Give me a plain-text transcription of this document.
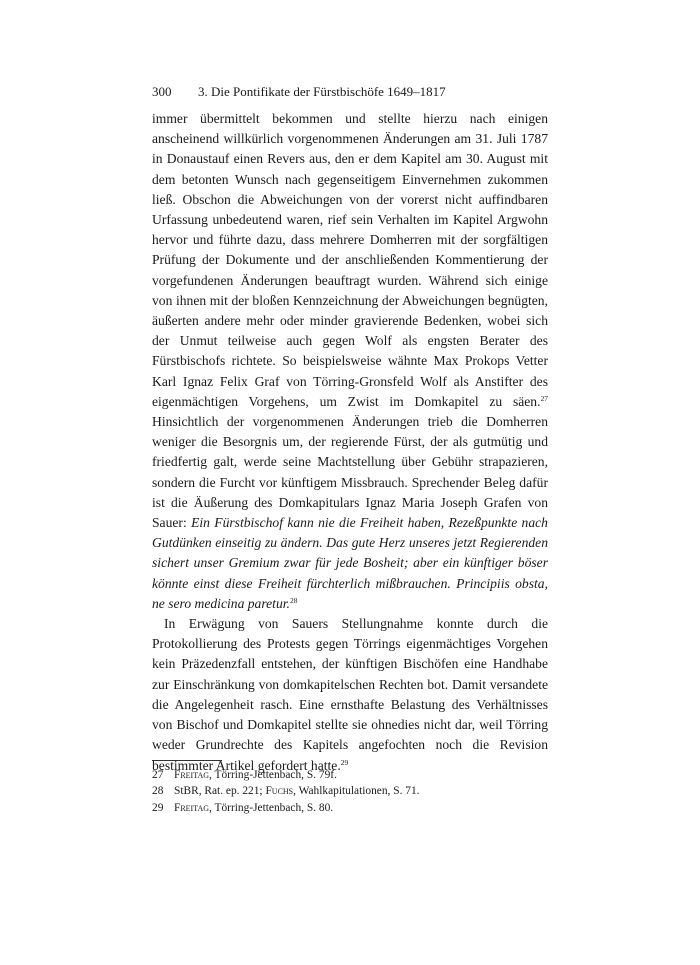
300 3. Die Pontifikate der Fürstbischöfe 1649–1817

immer übermittelt bekommen und stellte hierzu nach einigen anscheinend willkürlich vorgenommenen Änderungen am 31. Juli 1787 in Donaustauf einen Revers aus, den er dem Kapitel am 30. August mit dem betonten Wunsch nach gegenseitigem Einvernehmen zukommen ließ. Obschon die Abweichungen von der vorerst nicht auffindbaren Urfassung unbedeutend waren, rief sein Verhalten im Kapitel Argwohn hervor und führte dazu, dass mehrere Domherren mit der sorgfältigen Prüfung der Dokumente und der anschließenden Kommentierung der vorgefundenen Änderungen beauftragt wurden. Während sich einige von ihnen mit der bloßen Kennzeichnung der Abweichungen begnügten, äußerten andere mehr oder minder gravierende Bedenken, wobei sich der Unmut teilweise auch gegen Wolf als engsten Berater des Fürstbischofs richtete. So beispielsweise wähnte Max Prokops Vetter Karl Ignaz Felix Graf von Törring-Gronsfeld Wolf als Anstifter des eigenmächtigen Vorgehens, um Zwist im Domkapitel zu säen.$^{27}$ Hinsichtlich der vorgenommenen Änderungen trieb die Domherren weniger die Besorgnis um, der regierende Fürst, der als gutmütig und friedfertig galt, werde seine Machtstellung über Gebühr strapazieren, sondern die Furcht vor künftigem Missbrauch. Sprechender Beleg dafür ist die Äußerung des Domkapitulars Ignaz Maria Joseph Grafen von Sauer: Ein Fürstbischof kann nie die Freiheit haben, Rezeßpunkte nach Gutdünken einseitig zu ändern. Das gute Herz unseres jetzt Regierenden sichert unser Gremium zwar für jede Bosheit; aber ein künftiger böser könnte einst diese Freiheit fürchterlich mißbrauchen. Principiis obsta, ne sero medicina paretur.$^{28}$

In Erwägung von Sauers Stellungnahme konnte durch die Protokollierung des Protests gegen Törrings eigenmächtiges Vorgehen kein Präzedenzfall entstehen, der künftigen Bischöfen eine Handhabe zur Einschränkung von domkapitelschen Rechten bot. Damit versandete die Angelegenheit rasch. Eine ernsthafte Belastung des Verhältnisses von Bischof und Domkapitel stellte sie ohnedies nicht dar, weil Törring weder Grundrechte des Kapitels angefochten noch die Revision bestimmter Artikel gefordert hatte.$^{29}$

27 Freitag, Törring-Jettenbach, S. 79f.
28 StBR, Rat. ep. 221; Fuchs, Wahlkapitulationen, S. 71.
29 Freitag, Törring-Jettenbach, S. 80.
